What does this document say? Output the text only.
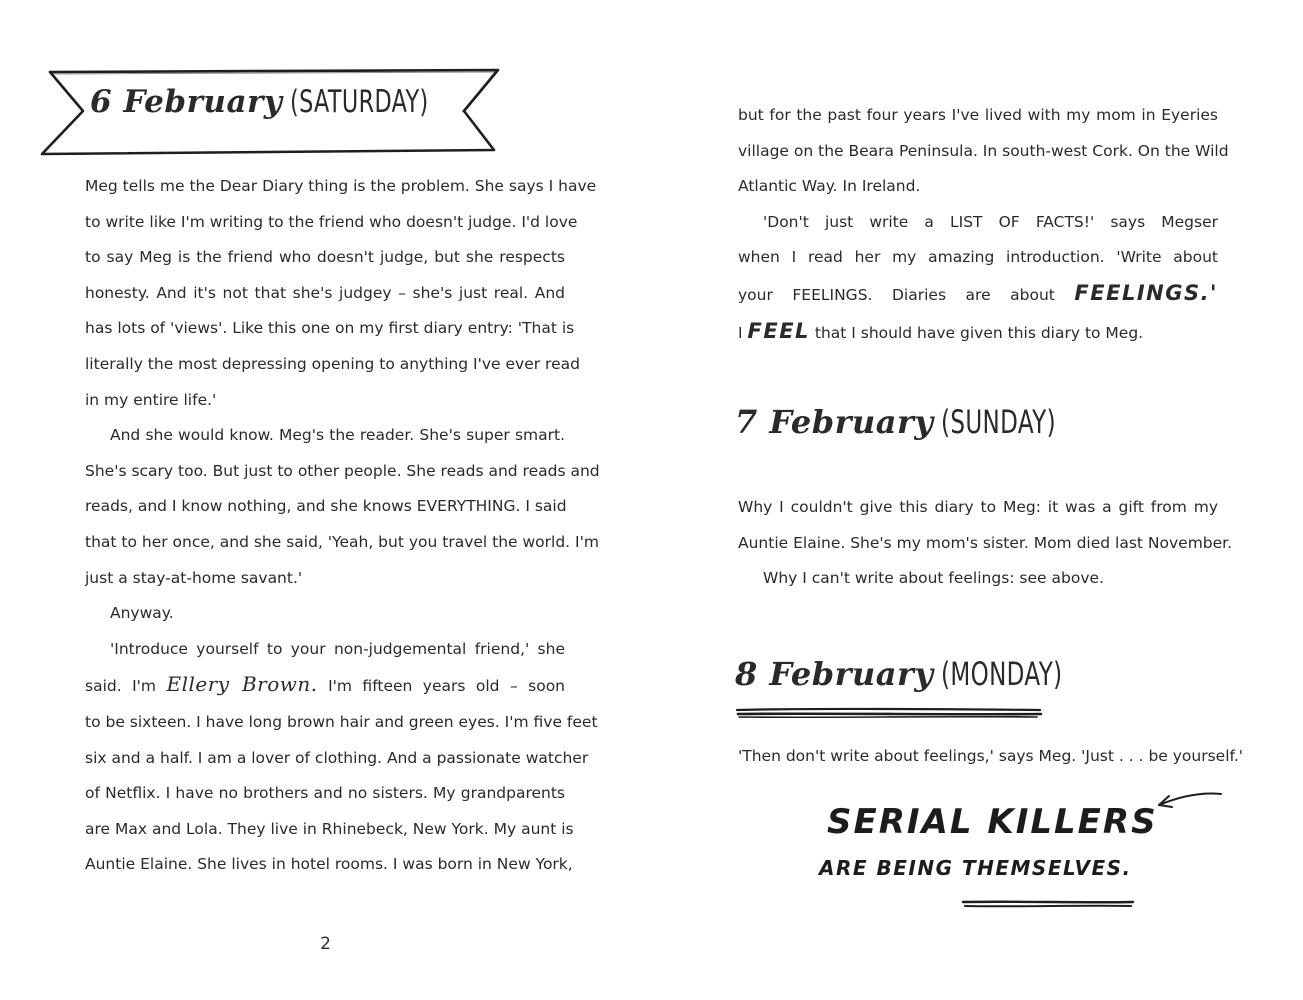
6 February (SATURDAY)
Meg tells me the Dear Diary thing is the problem. She says I have
to write like I'm writing to the friend who doesn't judge. I'd love
to say Meg is the friend who doesn't judge, but she respects
honesty. And it's not that she's judgey – she's just real. And
has lots of 'views'. Like this one on my first diary entry: 'That is
literally the most depressing opening to anything I've ever read
in my entire life.'
And she would know. Meg's the reader. She's super smart.
She's scary too. But just to other people. She reads and reads and
reads, and I know nothing, and she knows EVERYTHING. I said
that to her once, and she said, 'Yeah, but you travel the world. I'm
just a stay-at-home savant.'
Anyway.
'Introduce yourself to your non-judgemental friend,' she
said. I'm Ellery Brown. I'm fifteen years old – soon
to be sixteen. I have long brown hair and green eyes. I'm five feet
six and a half. I am a lover of clothing. And a passionate watcher
of Netflix. I have no brothers and no sisters. My grandparents
are Max and Lola. They live in Rhinebeck, New York. My aunt is
Auntie Elaine. She lives in hotel rooms. I was born in New York,
2
but for the past four years I've lived with my mom in Eyeries
village on the Beara Peninsula. In south-west Cork. On the Wild
Atlantic Way. In Ireland.
'Don't just write a LIST OF FACTS!' says Megser
when I read her my amazing introduction. 'Write about
your FEELINGS. Diaries are about FEELINGS.'
I FEEL that I should have given this diary to Meg.
7 February (SUNDAY)
Why I couldn't give this diary to Meg: it was a gift from my
Auntie Elaine. She's my mom's sister. Mom died last November.
Why I can't write about feelings: see above.
8 February (MONDAY)
'Then don't write about feelings,' says Meg. 'Just . . . be yourself.'
SERIAL KILLERS
ARE BEING THEMSELVES.
